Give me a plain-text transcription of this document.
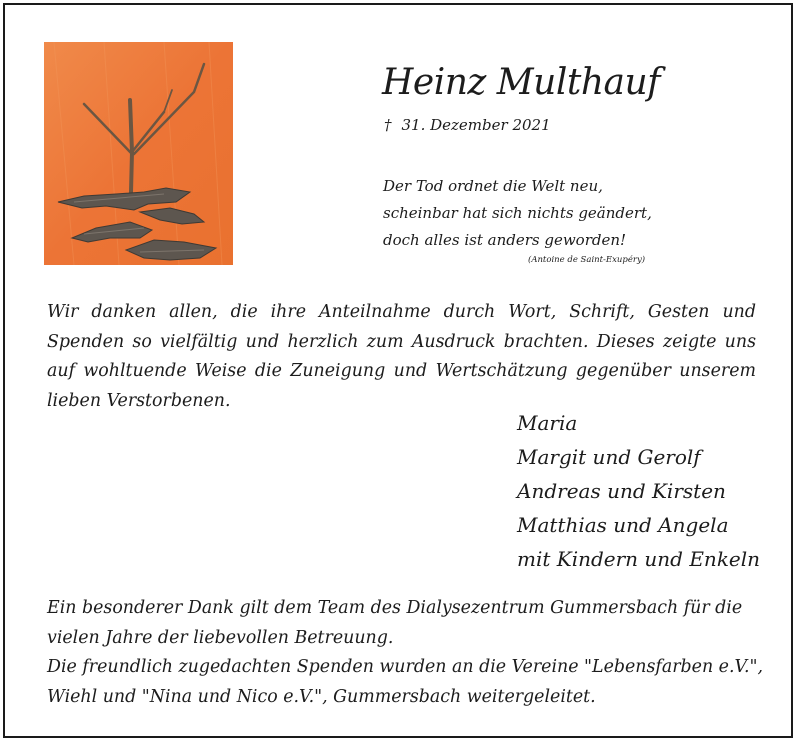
Heinz Multhauf
† 31. Dezember 2021
Der Tod ordnet die Welt neu,
scheinbar hat sich nichts geändert,
doch alles ist anders geworden!
(Antoine de Saint-Exupéry)
Wir danken allen, die ihre Anteilnahme durch Wort, Schrift, Gesten und Spenden so vielfältig und herzlich zum Ausdruck brachten. Dieses zeigte uns auf wohltuende Weise die Zuneigung und Wertschätzung gegenüber unserem lieben Verstorbenen.
Maria
Margit und Gerolf
Andreas und Kirsten
Matthias und Angela
mit Kindern und Enkeln
Ein besonderer Dank gilt dem Team des Dialysezentrum Gummersbach für die
vielen Jahre der liebevollen Betreuung.
Die freundlich zugedachten Spenden wurden an die Vereine "Lebensfarben e.V.",
Wiehl und "Nina und Nico e.V.", Gummersbach weitergeleitet.
